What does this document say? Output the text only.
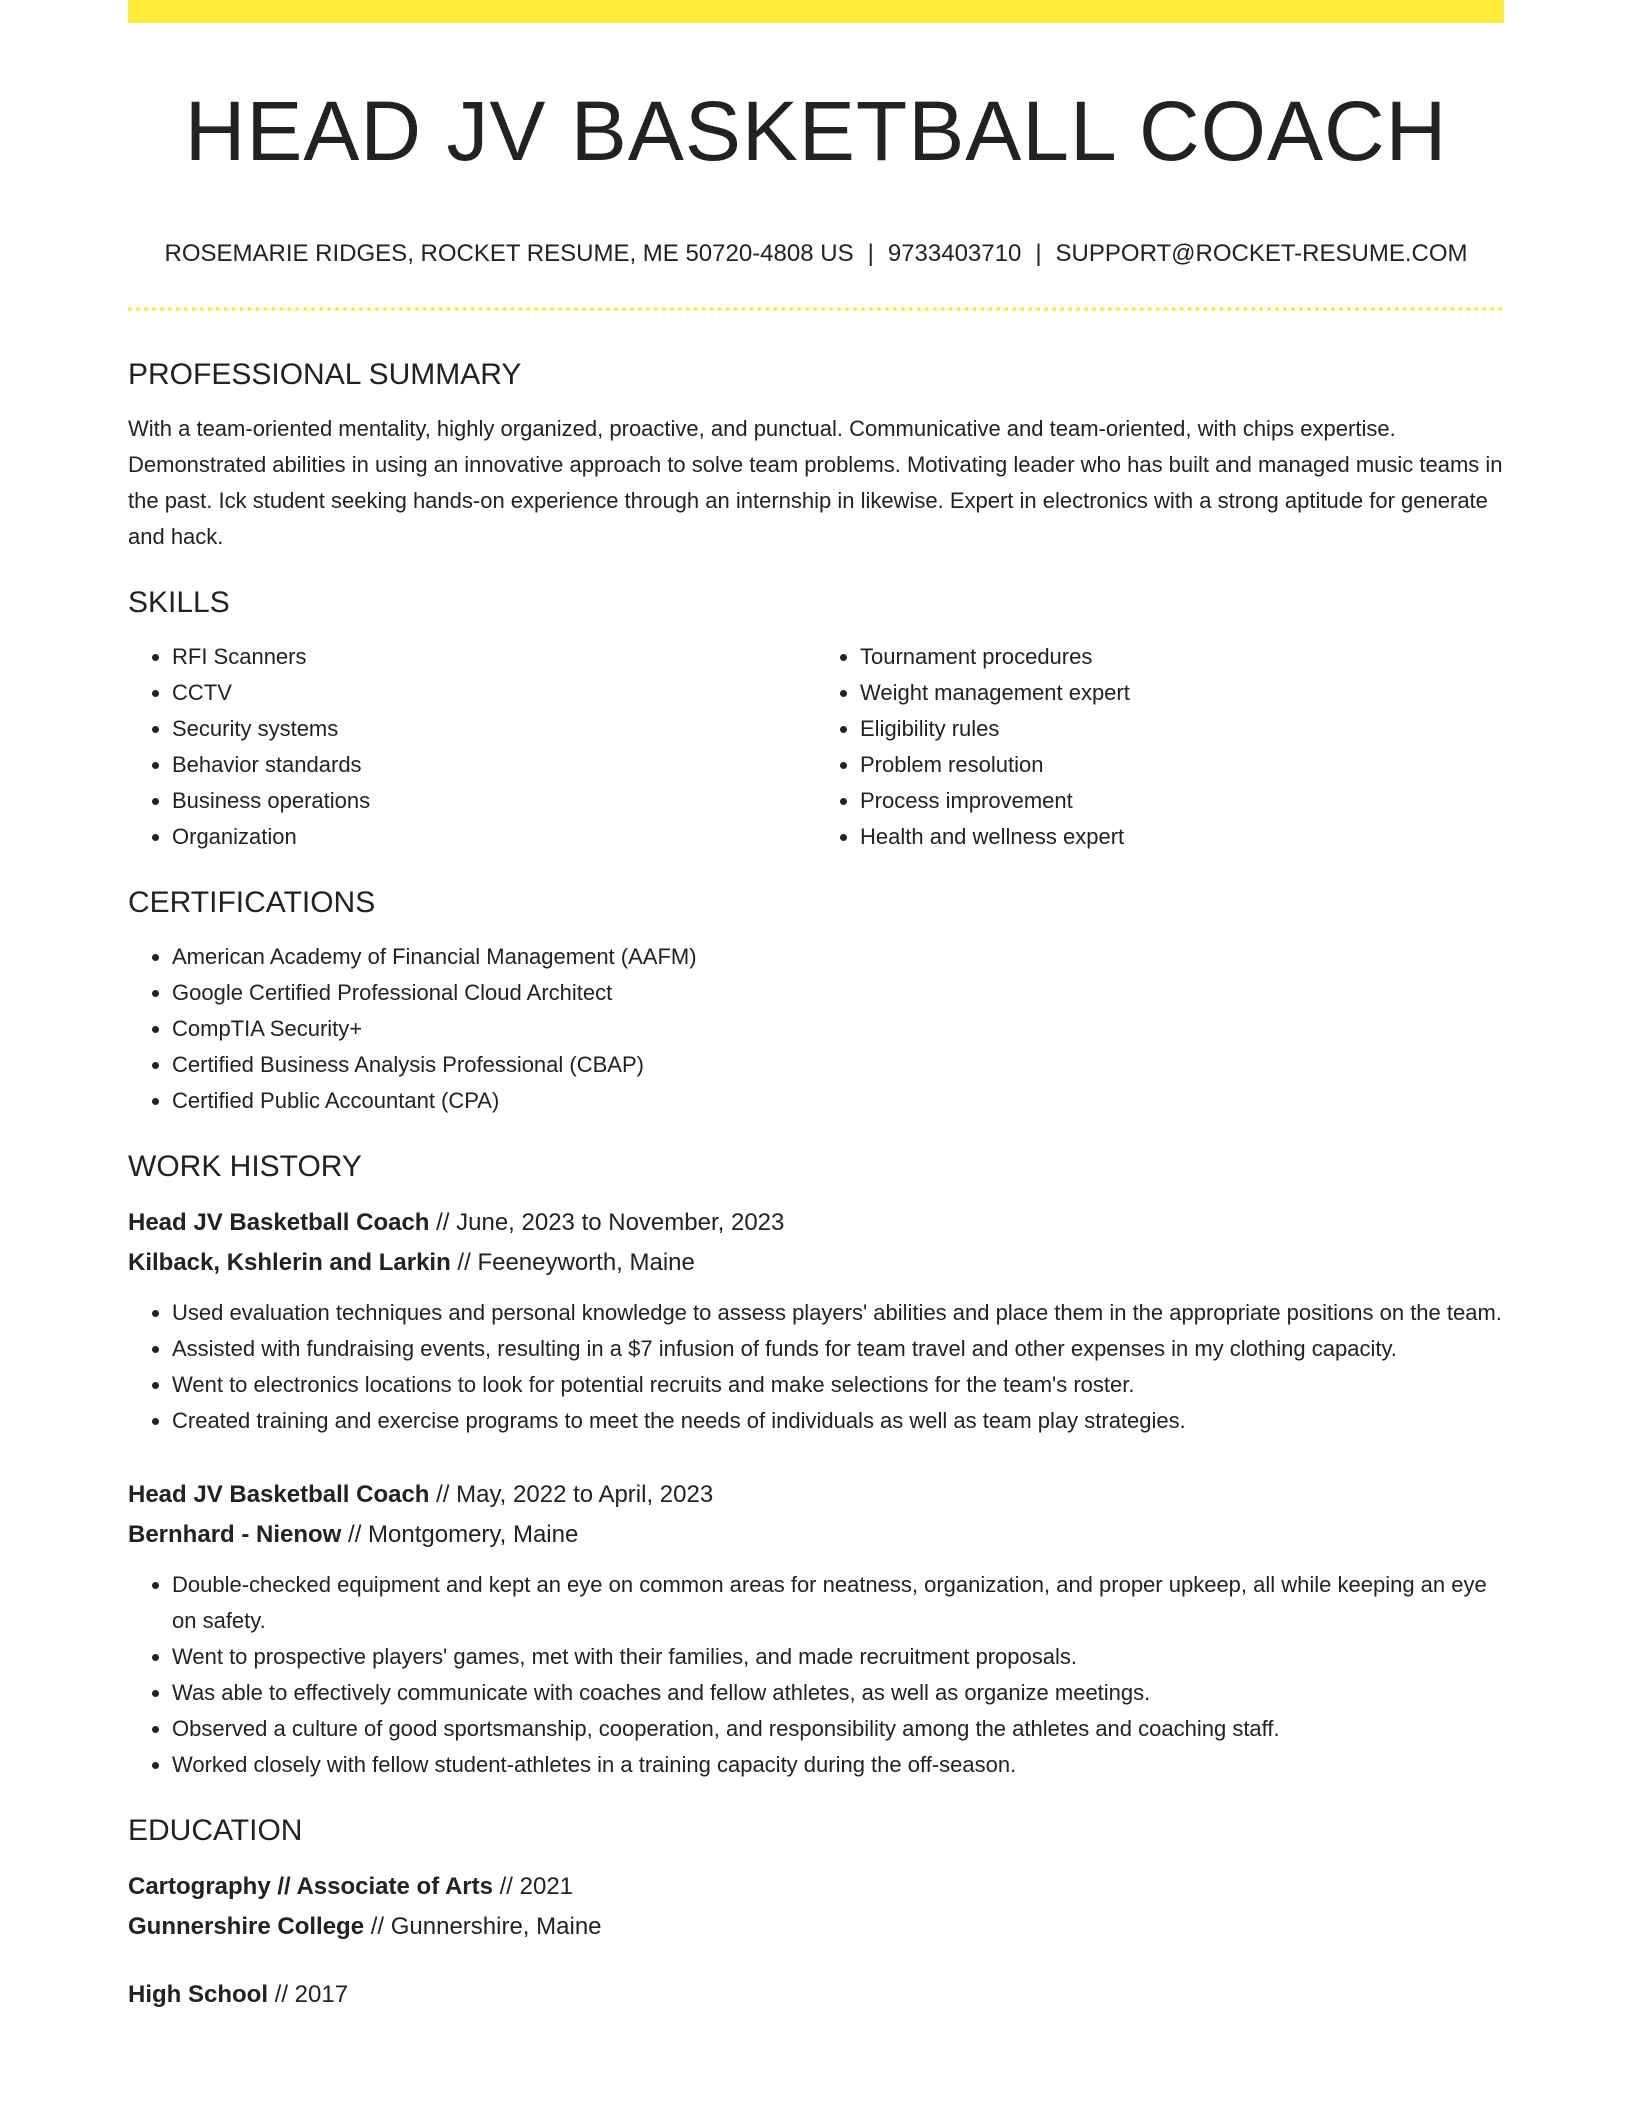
HEAD JV BASKETBALL COACH
ROSEMARIE RIDGES, ROCKET RESUME, ME 50720-4808 US | 9733403710 | SUPPORT@ROCKET-RESUME.COM
PROFESSIONAL SUMMARY

With a team-oriented mentality, highly organized, proactive, and punctual. Communicative and team-oriented, with chips expertise. Demonstrated abilities in using an innovative approach to solve team problems. Motivating leader who has built and managed music teams in the past. Ick student seeking hands-on experience through an internship in likewise. Expert in electronics with a strong aptitude for generate and hack.

SKILLS
• RFI Scanners
• CCTV
• Security systems
• Behavior standards
• Business operations
• Organization
• Tournament procedures
• Weight management expert
• Eligibility rules
• Problem resolution
• Process improvement
• Health and wellness expert
CERTIFICATIONS
• American Academy of Financial Management (AAFM)
• Google Certified Professional Cloud Architect
• CompTIA Security+
• Certified Business Analysis Professional (CBAP)
• Certified Public Accountant (CPA)
WORK HISTORY

Head JV Basketball Coach // June, 2023 to November, 2023

Kilback, Kshlerin and Larkin // Feeneyworth, Maine

• Used evaluation techniques and personal knowledge to assess players' abilities and place them in the appropriate positions on the team.
• Assisted with fundraising events, resulting in a $7 infusion of funds for team travel and other expenses in my clothing capacity.
• Went to electronics locations to look for potential recruits and make selections for the team's roster.
• Created training and exercise programs to meet the needs of individuals as well as team play strategies.

Head JV Basketball Coach // May, 2022 to April, 2023

Bernhard - Nienow // Montgomery, Maine

• Double-checked equipment and kept an eye on common areas for neatness, organization, and proper upkeep, all while keeping an eye on safety.
• Went to prospective players' games, met with their families, and made recruitment proposals.
• Was able to effectively communicate with coaches and fellow athletes, as well as organize meetings.
• Observed a culture of good sportsmanship, cooperation, and responsibility among the athletes and coaching staff.
• Worked closely with fellow student-athletes in a training capacity during the off-season.
EDUCATION

Cartography // Associate of Arts // 2021

Gunnershire College // Gunnershire, Maine

High School // 2017
